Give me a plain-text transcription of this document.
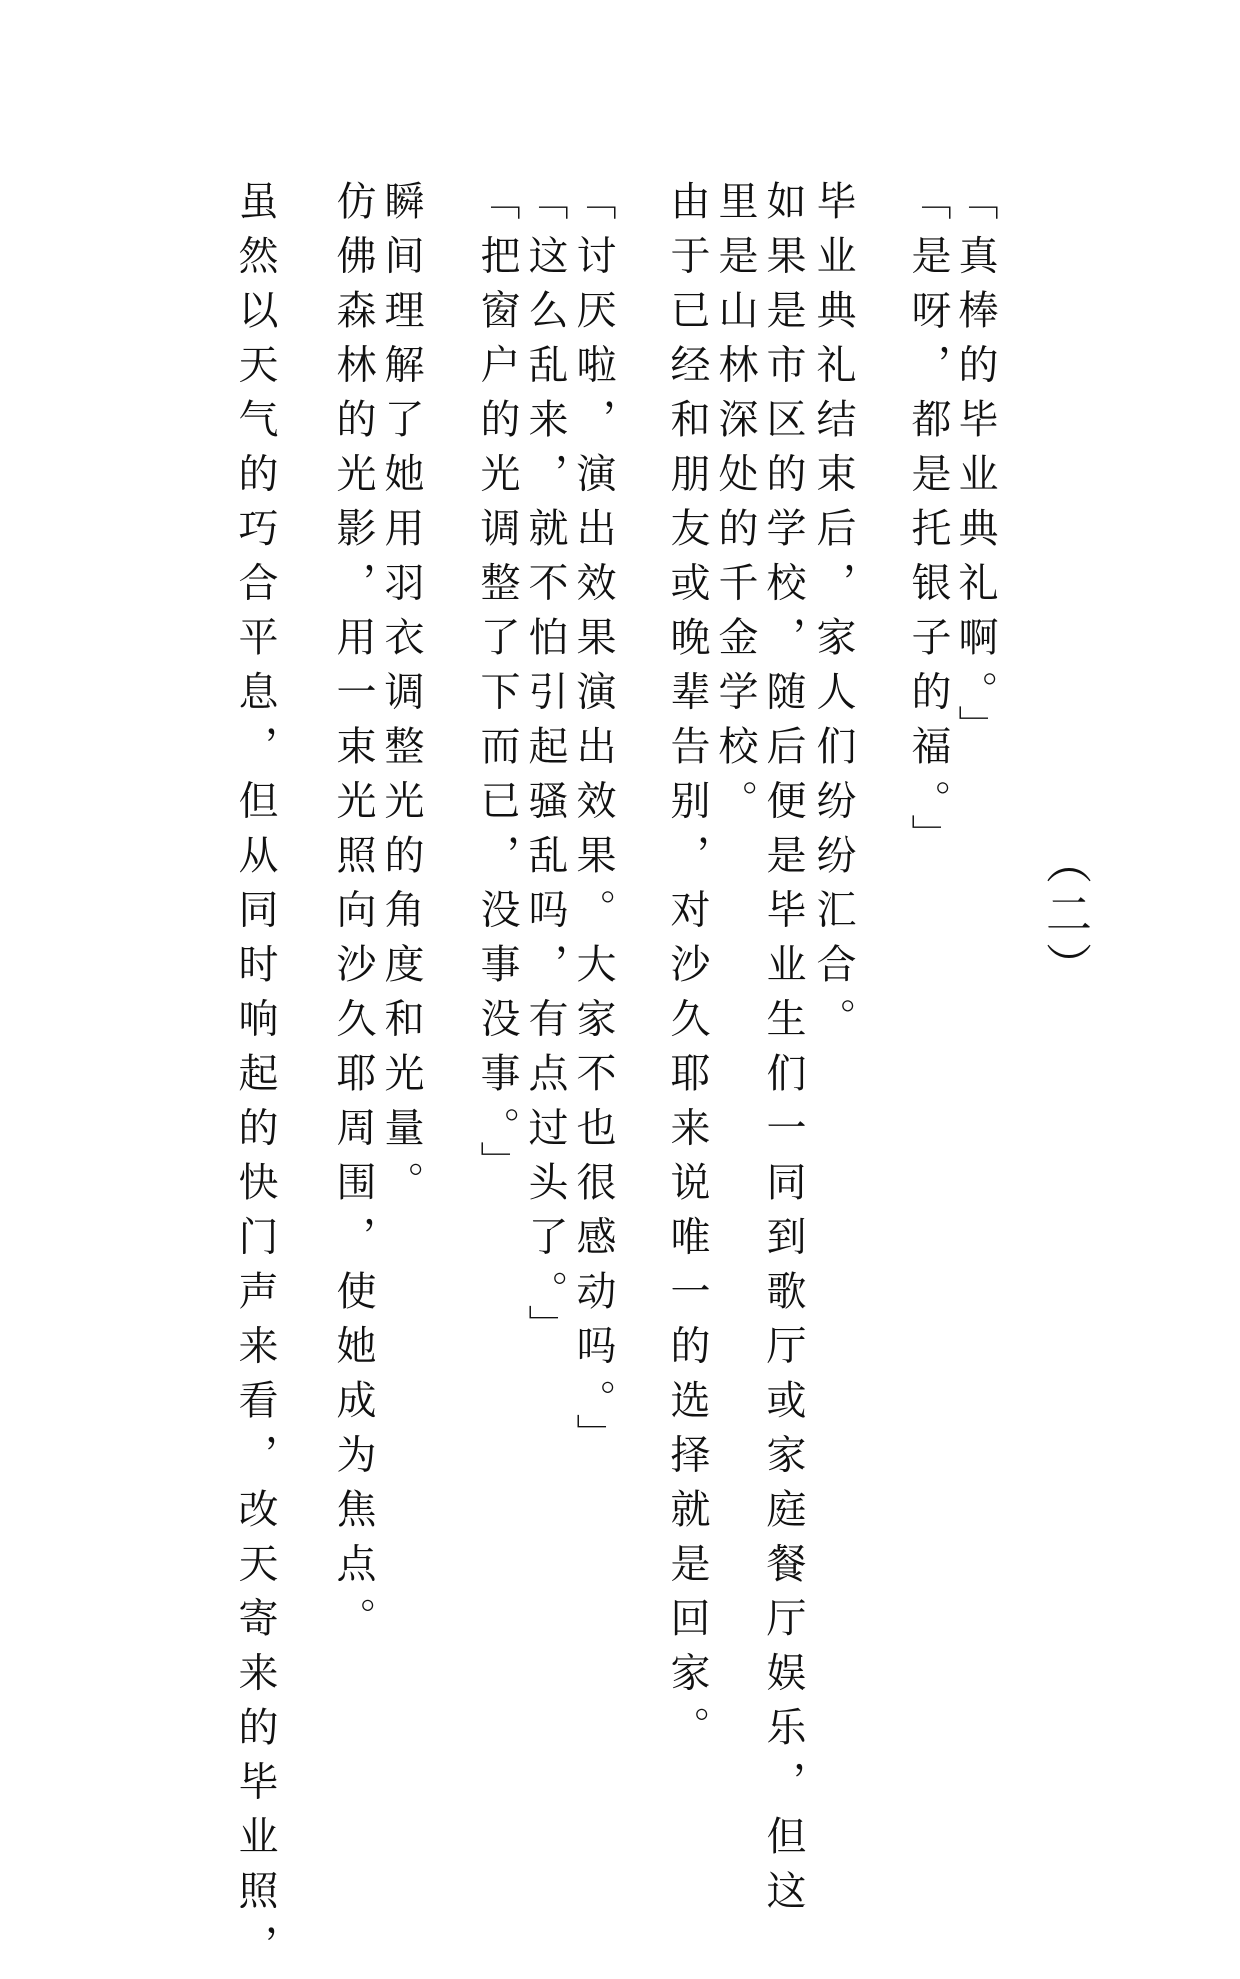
（二）
「真棒的毕业典礼啊。」
「是呀，都是托银子的福。」
毕业典礼结束后，家人们纷纷汇合。
如果是市区的学校，随后便是毕业生们一同到歌厅或家庭餐厅娱乐，但这
里是山林深处的千金学校。
由于已经和朋友或晚辈告别，对沙久耶来说唯一的选择就是回家。
「讨厌啦，演出效果演出效果。大家不也很感动吗。」
「这么乱来，就不怕引起骚乱吗，有点过头了。」
「把窗户的光调整了下而已，没事没事。」
瞬间理解了她用羽衣调整光的角度和光量。
仿佛森林的光影，用一束光照向沙久耶周围，使她成为焦点。
虽然以天气的巧合平息，但从同时响起的快门声来看，改天寄来的毕业照，
